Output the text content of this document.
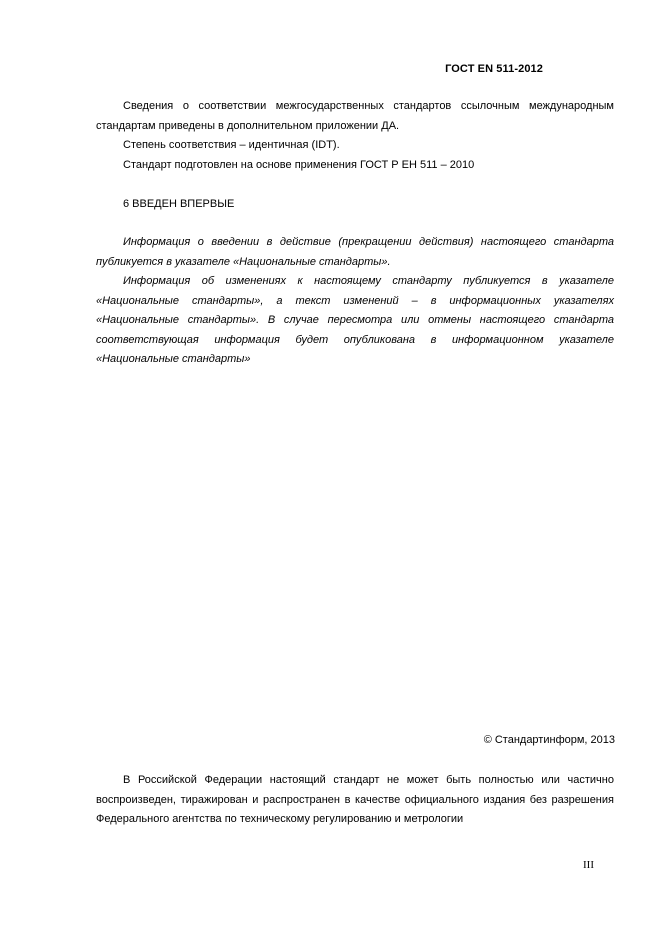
ГОСТ EN 511-2012

Сведения о соответствии межгосударственных стандартов ссылочным международным стандартам приведены в дополнительном приложении ДА.

Степень соответствия – идентичная (IDT).

Стандарт подготовлен на основе применения ГОСТ Р ЕН 511 – 2010

6 ВВЕДЕН ВПЕРВЫЕ

Информация о введении в действие (прекращении действия) настоящего стандарта публикуется в указателе «Национальные стандарты».

Информация об изменениях к настоящему стандарту публикуется в указателе «Национальные стандарты», а текст изменений – в информационных указателях «Национальные стандарты». В случае пересмотра или отмены настоящего стандарта соответствующая информация будет опубликована в информационном указателе «Национальные стандарты»

© Стандартинформ, 2013

В Российской Федерации настоящий стандарт не может быть полностью или частично воспроизведен, тиражирован и распространен в качестве официального издания без разрешения Федерального агентства по техническому регулированию и метрологии

III
